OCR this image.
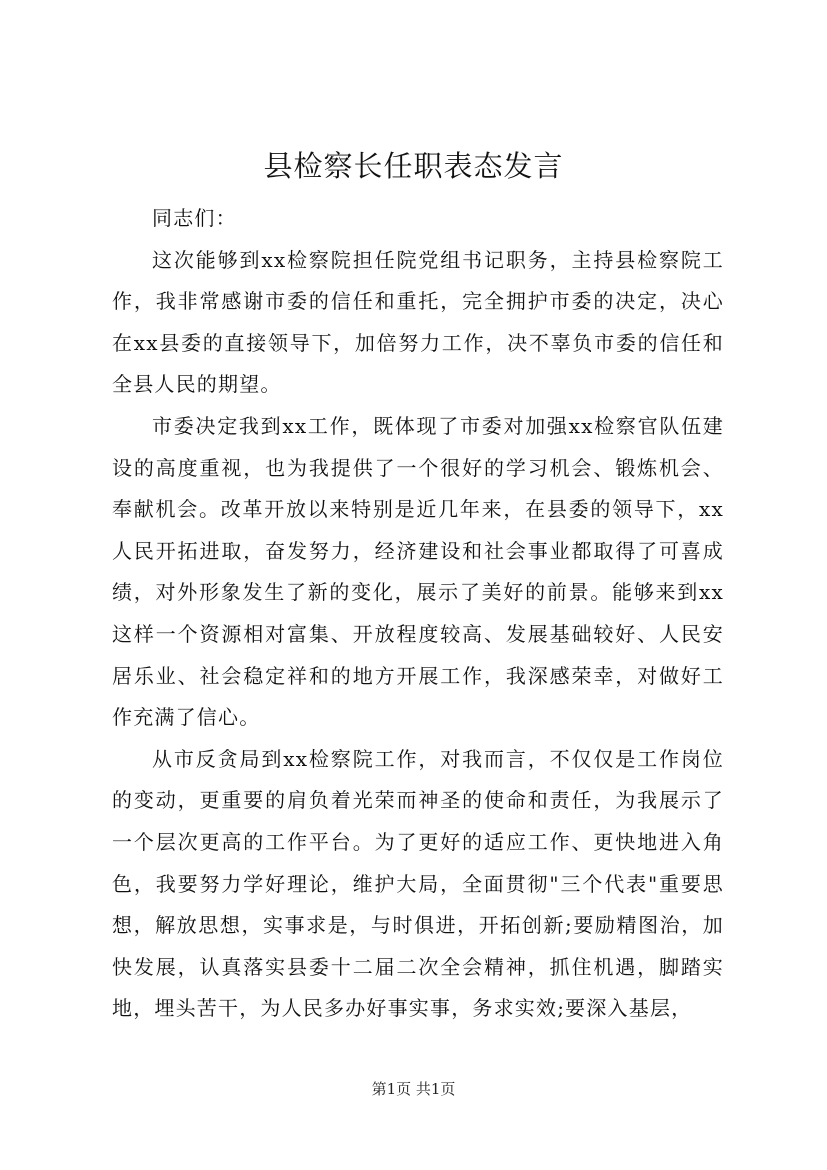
县检察长任职表态发言

同志们：

这次能够到xx检察院担任院党组书记职务，主持县检察院工作，我非常感谢市委的信任和重托，完全拥护市委的决定，决心在xx县委的直接领导下，加倍努力工作，决不辜负市委的信任和全县人民的期望。

市委决定我到xx工作，既体现了市委对加强xx检察官队伍建设的高度重视，也为我提供了一个很好的学习机会、锻炼机会、奉献机会。改革开放以来特别是近几年来，在县委的领导下，xx人民开拓进取，奋发努力，经济建设和社会事业都取得了可喜成绩，对外形象发生了新的变化，展示了美好的前景。能够来到xx这样一个资源相对富集、开放程度较高、发展基础较好、人民安居乐业、社会稳定祥和的地方开展工作，我深感荣幸，对做好工作充满了信心。

从市反贪局到xx检察院工作，对我而言，不仅仅是工作岗位的变动，更重要的肩负着光荣而神圣的使命和责任，为我展示了一个层次更高的工作平台。为了更好的适应工作、更快地进入角色，我要努力学好理论，维护大局，全面贯彻"三个代表"重要思想，解放思想，实事求是，与时俱进，开拓创新;要励精图治，加快发展，认真落实县委十二届二次全会精神，抓住机遇，脚踏实地，埋头苦干，为人民多办好事实事，务求实效;要深入基层，

第1页 共1页
